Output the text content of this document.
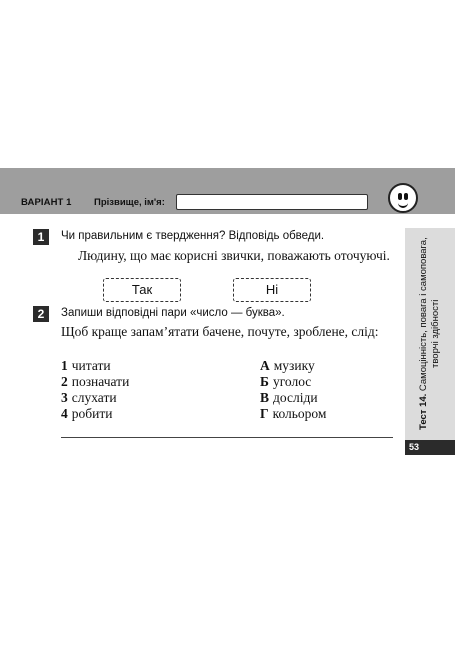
ВАРІАНТ 1 Прізвище, ім'я:
1	Чи правильним є твердження? Відповідь обведи.
Людину, що має корисні звички, поважають оточуючі.
Так	Ні
2	Запиши відповідні пари «число — буква».
Щоб краще запам’ятати бачене, почуте, зроблене, слід:
1 читати
2 позначати
3 слухати
4 робити
А музику
Б уголос
В дослiди
Г кольором	Тест 14. Самоцінність, повага і самоповага, творчі здібності
53
